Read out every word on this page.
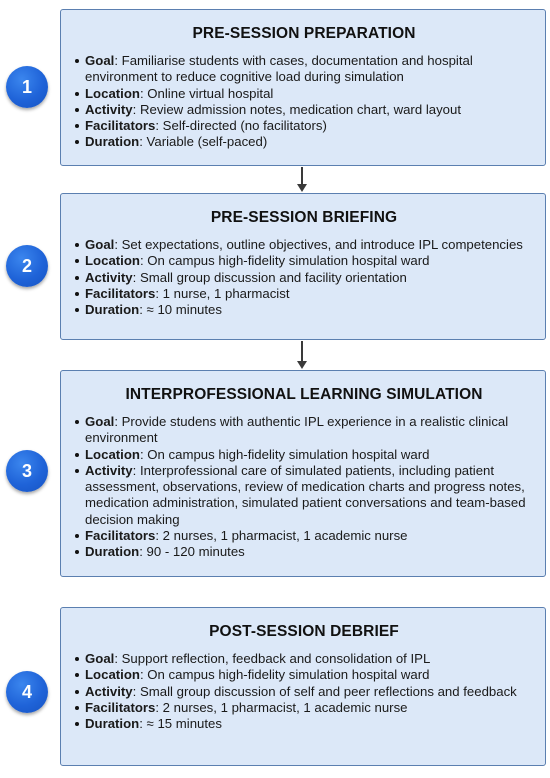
1
PRE-SESSION PREPARATION
Goal: Familiarise students with cases, documentation and hospital environment to reduce cognitive load during simulation
Location: Online virtual hospital
Activity: Review admission notes, medication chart, ward layout
Facilitators: Self-directed (no facilitators)
Duration: Variable (self-paced)
2
PRE-SESSION BRIEFING
Goal: Set expectations, outline objectives, and introduce IPL competencies
Location: On campus high-fidelity simulation hospital ward
Activity: Small group discussion and facility orientation
Facilitators: 1 nurse, 1 pharmacist
Duration: ≈ 10 minutes
3
INTERPROFESSIONAL LEARNING SIMULATION
Goal: Provide studens with authentic IPL experience in a realistic clinical environment
Location: On campus high-fidelity simulation hospital ward
Activity: Interprofessional care of simulated patients, including patient assessment, observations, review of medication charts and progress notes, medication administration, simulated patient conversations and team-based decision making
Facilitators: 2 nurses, 1 pharmacist, 1 academic nurse
Duration: 90 - 120 minutes
4
POST-SESSION DEBRIEF
Goal: Support reflection, feedback and consolidation of IPL
Location: On campus high-fidelity simulation hospital ward
Activity: Small group discussion of self and peer reflections and feedback
Facilitators: 2 nurses, 1 pharmacist, 1 academic nurse
Duration: ≈ 15 minutes
